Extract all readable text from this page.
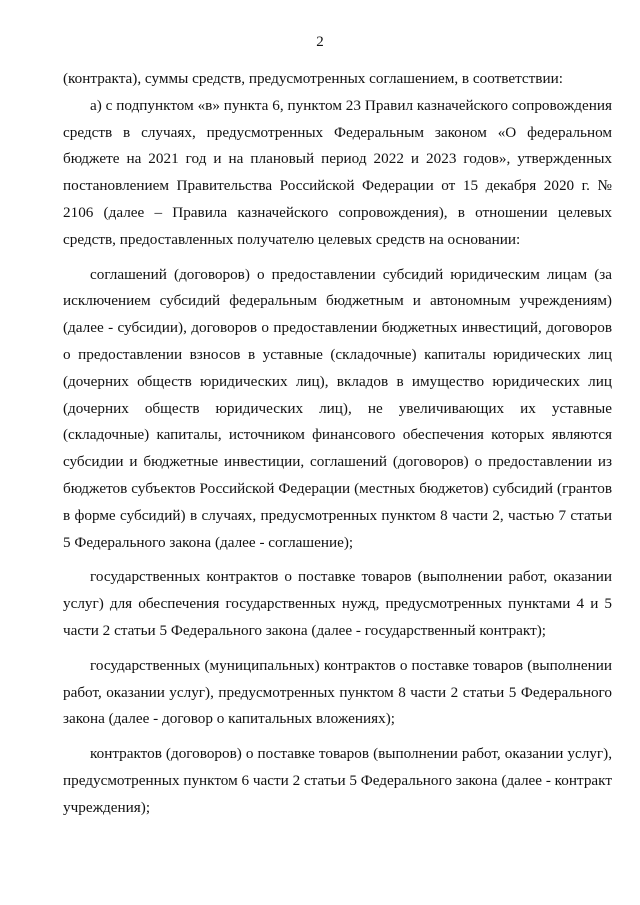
2

(контракта), суммы средств, предусмотренных соглашением, в соответствии:

а) с подпунктом «в» пункта 6, пунктом 23 Правил казначейского сопровождения средств в случаях, предусмотренных Федеральным законом «О федеральном бюджете на 2021 год и на плановый период 2022 и 2023 годов», утвержденных постановлением Правительства Российской Федерации от 15 декабря 2020 г. № 2106 (далее – Правила казначейского сопровождения), в отношении целевых средств, предоставленных получателю целевых средств на основании:

соглашений (договоров) о предоставлении субсидий юридическим лицам (за исключением субсидий федеральным бюджетным и автономным учреждениям) (далее - субсидии), договоров о предоставлении бюджетных инвестиций, договоров о предоставлении взносов в уставные (складочные) капиталы юридических лиц (дочерних обществ юридических лиц), вкладов в имущество юридических лиц (дочерних обществ юридических лиц), не увеличивающих их уставные (складочные) капиталы, источником финансового обеспечения которых являются субсидии и бюджетные инвестиции, соглашений (договоров) о предоставлении из бюджетов субъектов Российской Федерации (местных бюджетов) субсидий (грантов в форме субсидий) в случаях, предусмотренных пунктом 8 части 2, частью 7 статьи 5 Федерального закона (далее - соглашение);

государственных контрактов о поставке товаров (выполнении работ, оказании услуг) для обеспечения государственных нужд, предусмотренных пунктами 4 и 5 части 2 статьи 5 Федерального закона (далее - государственный контракт);

государственных (муниципальных) контрактов о поставке товаров (выполнении работ, оказании услуг), предусмотренных пунктом 8 части 2 статьи 5 Федерального закона (далее - договор о капитальных вложениях);

контрактов (договоров) о поставке товаров (выполнении работ, оказании услуг), предусмотренных пунктом 6 части 2 статьи 5 Федерального закона (далее - контракт учреждения);
